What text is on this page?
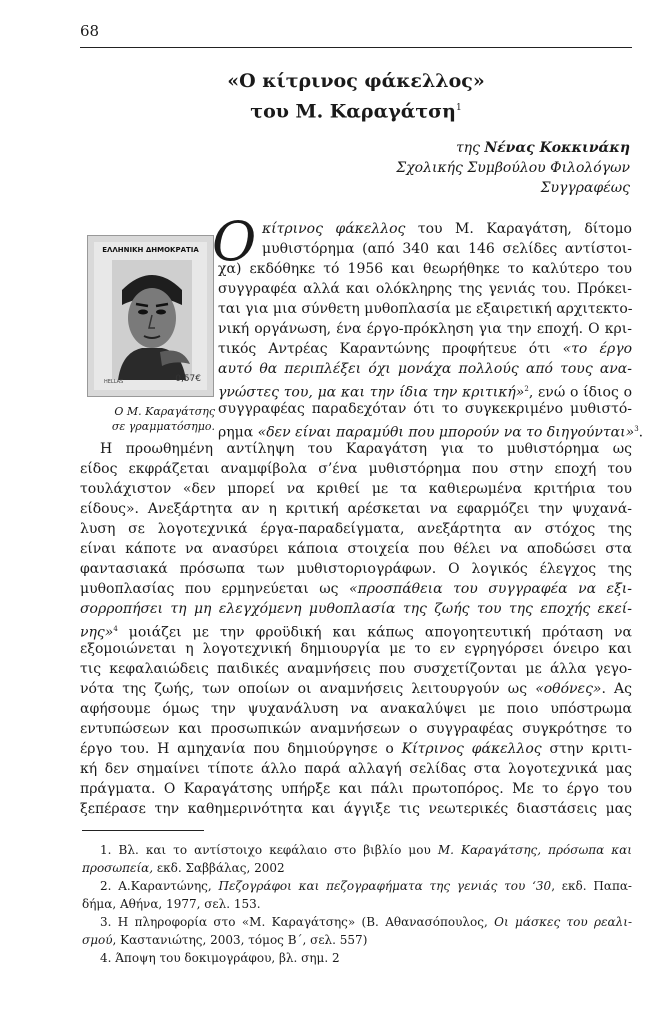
68
«Ο κίτρινος φάκελλος»
του Μ. Καραγάτση$^1$
της Νένας Κοκκινάκη
Σχολικής Συμβούλου Φιλολόγων
Συγγραφέως
ΕΛΛΗΝΙΚΗ ΔΗΜΟΚΡΑΤΙΑ
HELLAS	0,57€
Ο Μ. Καραγάτσης
σε γραμματόσημο.
Ο κίτρινος φάκελλος του Μ. Καραγάτση, δίτομο
μυθιστόρημα (από 340 και 146 σελίδες αντίστοι-
χα) εκδόθηκε τό 1956 και θεωρήθηκε το καλύτερο του
συγγραφέα αλλά και ολόκληρης της γενιάς του. Πρόκει-
ται για μια σύνθετη μυθοπλασία με εξαιρετική αρχιτεκτο-
νική οργάνωση, ένα έργο-πρόκληση για την εποχή. Ο κρι-
τικός Αντρέας Καραντώνης προφήτευε ότι «το έργο
αυτό θα περιπλέξει όχι μονάχα πολλούς από τους ανα-
γνώστες του, μα και την ίδια την κριτική»$^2$, ενώ ο ίδιος ο
συγγραφέας παραδεχόταν ότι το συγκεκριμένο μυθιστό-
ρημα «δεν είναι παραμύθι που μπορούν να το διηγούνται»$^3$.
Η προωθημένη αντίληψη του Καραγάτση για το μυθιστόρημα ως
είδος εκφράζεται αναμφίβολα σ’ένα μυθιστόρημα που στην εποχή του
τουλάχιστον «δεν μπορεί να κριθεί με τα καθιερωμένα κριτήρια του
είδους». Ανεξάρτητα αν η κριτική αρέσκεται να εφαρμόζει την ψυχανά-
λυση σε λογοτεχνικά έργα-παραδείγματα, ανεξάρτητα αν στόχος της
είναι κάποτε να ανασύρει κάποια στοιχεία που θέλει να αποδώσει στα
φαντασιακά πρόσωπα των μυθιστοριογράφων. Ο λογικός έλεγχος της
μυθοπλασίας που ερμηνεύεται ως «προσπάθεια του συγγραφέα να εξι-
σορροπήσει τη μη ελεγχόμενη μυθοπλασία της ζωής του της εποχής εκεί-
νης»$^4$ μοιάζει με την φροϋδική και κάπως απογοητευτική πρόταση να
εξομοιώνεται η λογοτεχνική δημιουργία με το εν εγρηγόρσει όνειρο και
τις κεφαλαιώδεις παιδικές αναμνήσεις που συσχετίζονται με άλλα γεγο-
νότα της ζωής, των οποίων οι αναμνήσεις λειτουργούν ως «οθόνες». Ας
αφήσουμε όμως την ψυχανάλυση να ανακαλύψει με ποιο υπόστρωμα
εντυπώσεων και προσωπικών αναμνήσεων ο συγγραφέας συγκρότησε το
έργο του. Η αμηχανία που δημιούργησε ο Κίτρινος φάκελλος στην κριτι-
κή δεν σημαίνει τίποτε άλλο παρά αλλαγή σελίδας στα λογοτεχνικά μας
πράγματα. Ο Καραγάτσης υπήρξε και πάλι πρωτοπόρος. Με το έργο του
ξεπέρασε την καθημερινότητα και άγγιξε τις νεωτερικές διαστάσεις μας
1. Βλ. και το αντίστοιχο κεφάλαιο στο βιβλίο μου Μ. Καραγάτσης, πρόσωπα και
προσωπεία, εκδ. Σαββάλας, 2002
2. Α.Καραντώνης, Πεζογράφοι και πεζογραφήματα της γενιάς του ‘30, εκδ. Παπα-
δήμα, Αθήνα, 1977, σελ. 153.
3. Η πληροφορία στο «Μ. Καραγάτσης» (Β. Αθανασόπουλος, Οι μάσκες του ρεαλι-
σμού, Καστανιώτης, 2003, τόμος Β΄, σελ. 557)
4. Άποψη του δοκιμογράφου, βλ. σημ. 2
